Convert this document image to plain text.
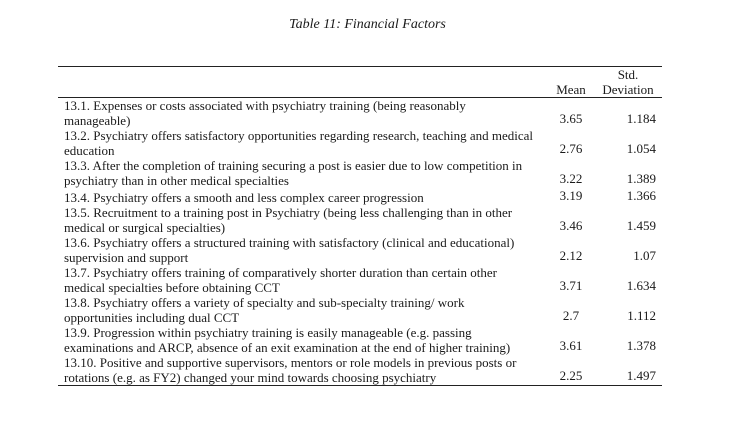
Table 11: Financial Factors
	Mean	Std.
Deviation

13.1. Expenses or costs associated with psychiatry training (being reasonably manageable)	3.65	1.184
13.2. Psychiatry offers satisfactory opportunities regarding research, teaching and medical education	2.76	1.054
13.3. After the completion of training securing a post is easier due to low competition in psychiatry than in other medical specialties	3.22	1.389
13.4. Psychiatry offers a smooth and less complex career progression	3.19	1.366
13.5. Recruitment to a training post in Psychiatry (being less challenging than in other medical or surgical specialties)	3.46	1.459
13.6. Psychiatry offers a structured training with satisfactory (clinical and educational) supervision and support	2.12	1.07
13.7. Psychiatry offers training of comparatively shorter duration than certain other medical specialties before obtaining CCT	3.71	1.634
13.8. Psychiatry offers a variety of specialty and sub-specialty training/ work opportunities including dual CCT	2.7	1.112
13.9. Progression within psychiatry training is easily manageable (e.g. passing examinations and ARCP, absence of an exit examination at the end of higher training)	3.61	1.378
13.10. Positive and supportive supervisors, mentors or role models in previous posts or rotations (e.g. as FY2) changed your mind towards choosing psychiatry	2.25	1.497
